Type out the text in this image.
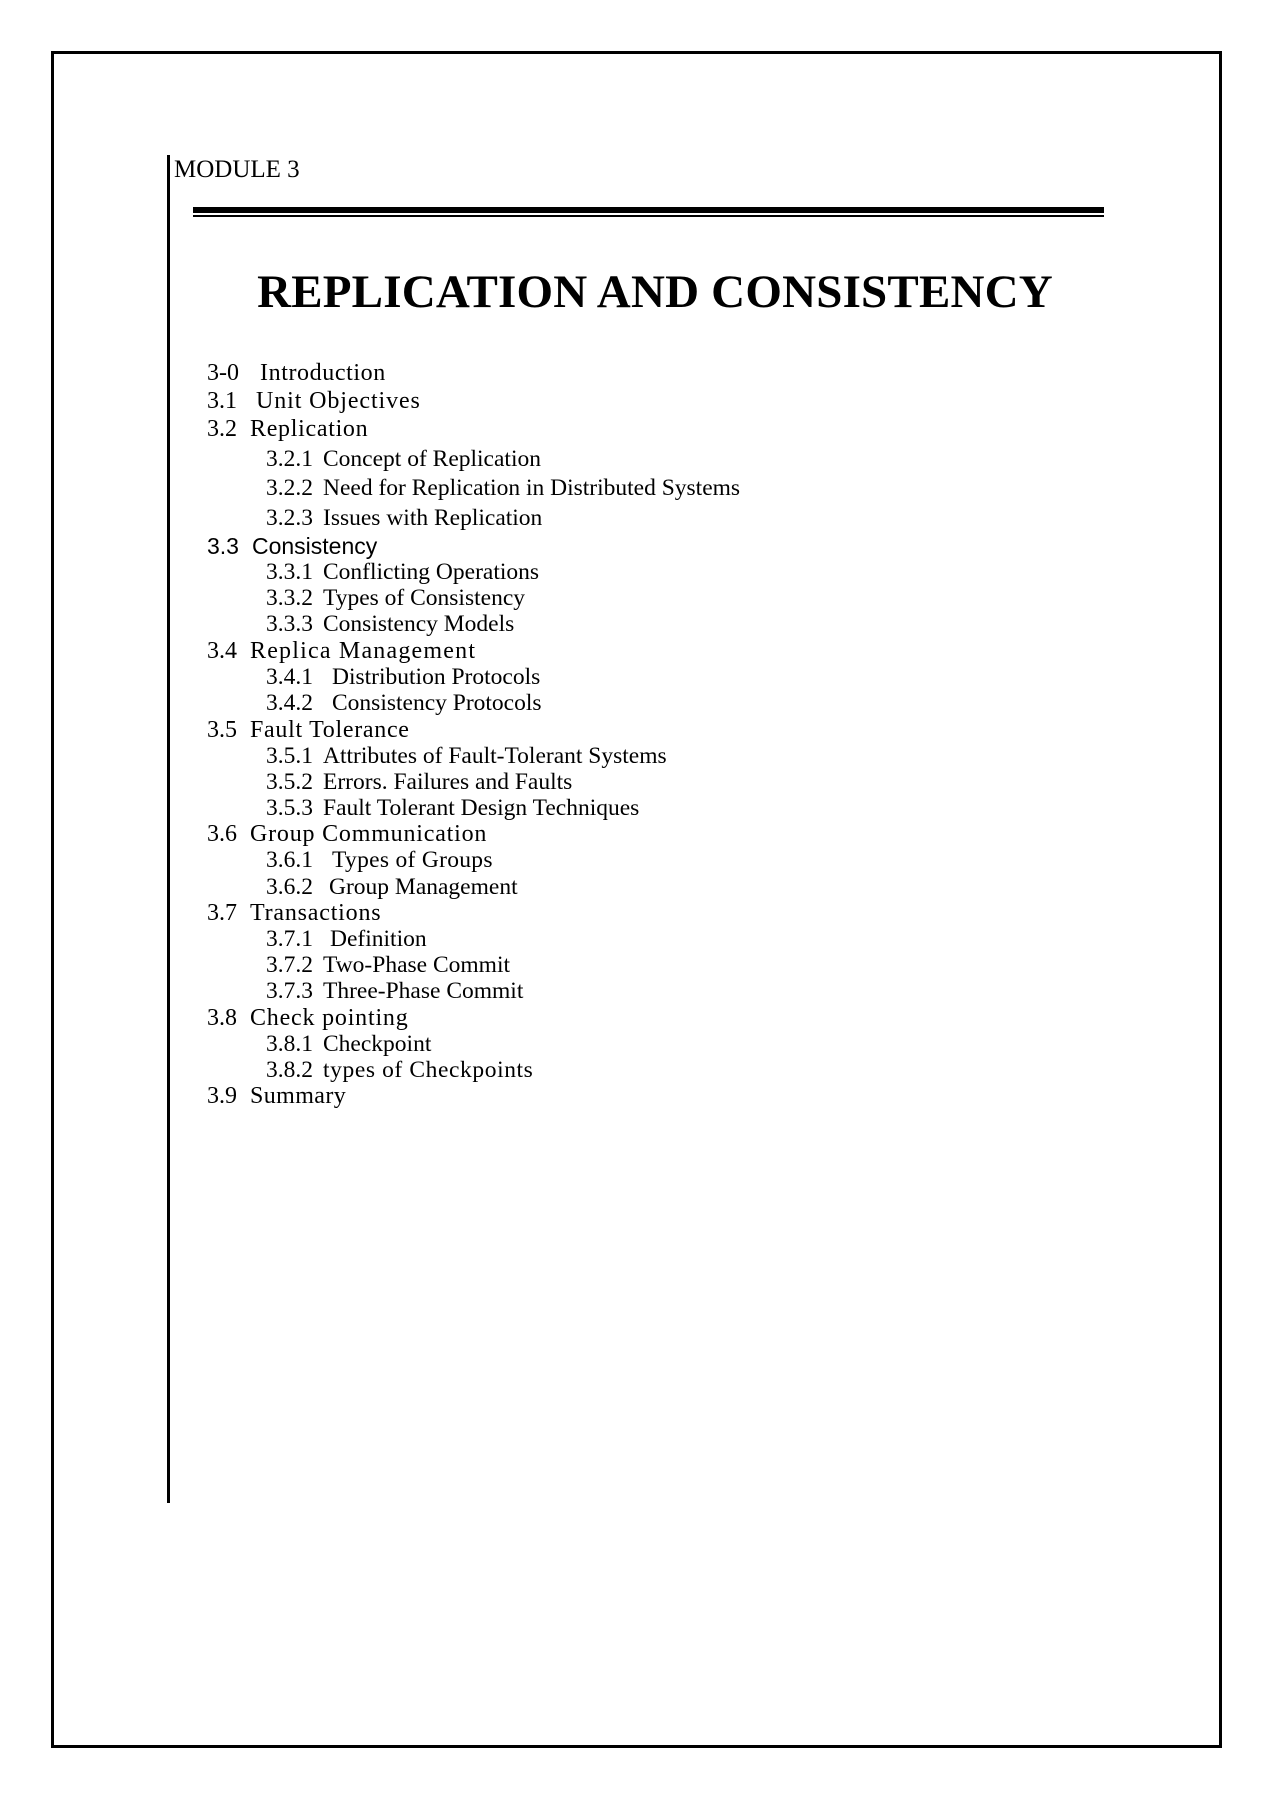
MODULE 3
REPLICATION AND CONSISTENCY
3-0 Introduction
3.1 Unit Objectives
3.2 Replication
3.2.1 Concept of Replication
3.2.2 Need for Replication in Distributed Systems
3.2.3 Issues with Replication
3.3 Consistency
3.3.1 Conflicting Operations
3.3.2 Types of Consistency
3.3.3 Consistency Models
3.4 Replica Management
3.4.1 Distribution Protocols
3.4.2 Consistency Protocols
3.5 Fault Tolerance
3.5.1 Attributes of Fault-Tolerant Systems
3.5.2 Errors. Failures and Faults
3.5.3 Fault Tolerant Design Techniques
3.6 Group Communication
3.6.1 Types of Groups
3.6.2 Group Management
3.7 Transactions
3.7.1 Definition
3.7.2 Two-Phase Commit
3.7.3 Three-Phase Commit
3.8 Check pointing
3.8.1 Checkpoint
3.8.2 types of Checkpoints
3.9 Summary
